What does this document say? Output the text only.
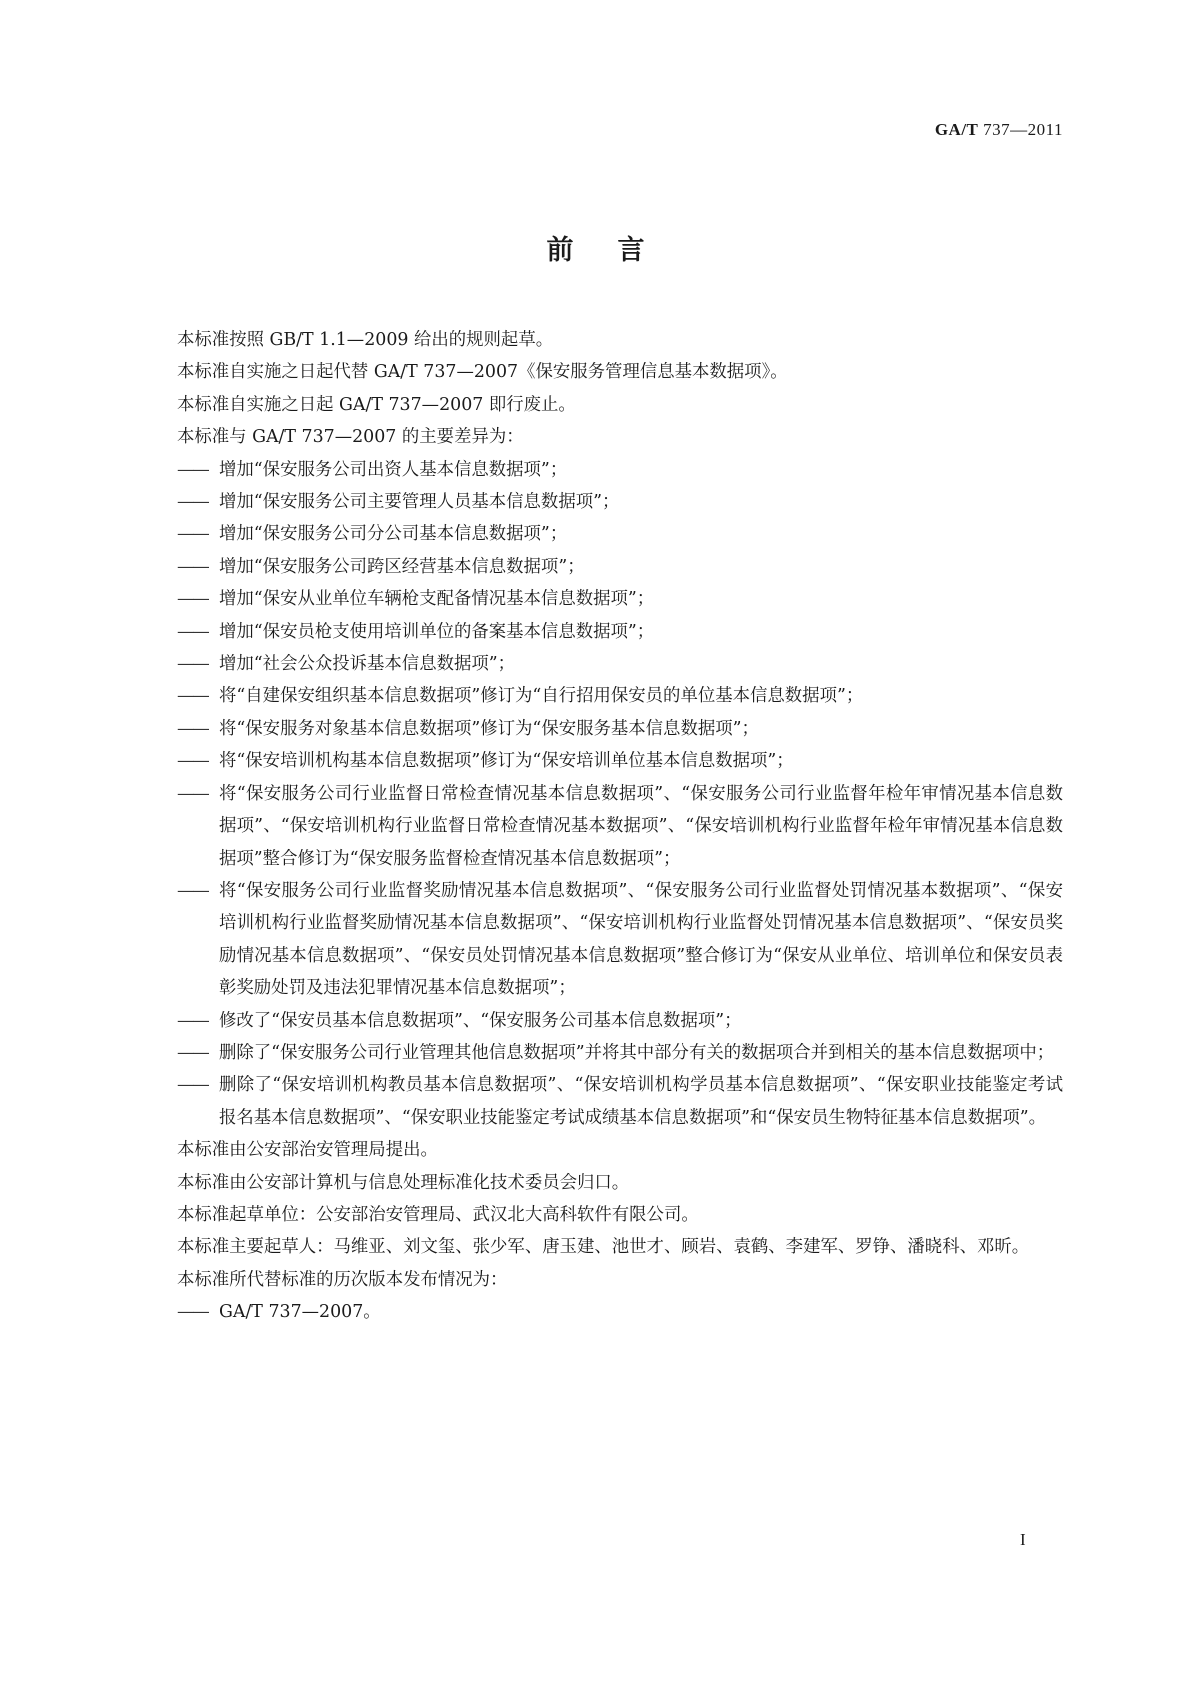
GA/T 737—2011
前言
本标准按照 GB/T 1.1—2009 给出的规则起草。
本标准自实施之日起代替 GA/T 737—2007《保安服务管理信息基本数据项》。
本标准自实施之日起 GA/T 737—2007 即行废止。
本标准与 GA/T 737—2007 的主要差异为：
—— 增加“保安服务公司出资人基本信息数据项”；
—— 增加“保安服务公司主要管理人员基本信息数据项”；
—— 增加“保安服务公司分公司基本信息数据项”；
—— 增加“保安服务公司跨区经营基本信息数据项”；
—— 增加“保安从业单位车辆枪支配备情况基本信息数据项”；
—— 增加“保安员枪支使用培训单位的备案基本信息数据项”；
—— 增加“社会公众投诉基本信息数据项”；
—— 将“自建保安组织基本信息数据项”修订为“自行招用保安员的单位基本信息数据项”；
—— 将“保安服务对象基本信息数据项”修订为“保安服务基本信息数据项”；
—— 将“保安培训机构基本信息数据项”修订为“保安培训单位基本信息数据项”；
—— 将“保安服务公司行业监督日常检查情况基本信息数据项”、“保安服务公司行业监督年检年审情况基本信息数据项”、“保安培训机构行业监督日常检查情况基本数据项”、“保安培训机构行业监督年检年审情况基本信息数据项”整合修订为“保安服务监督检查情况基本信息数据项”；
—— 将“保安服务公司行业监督奖励情况基本信息数据项”、“保安服务公司行业监督处罚情况基本数据项”、“保安培训机构行业监督奖励情况基本信息数据项”、“保安培训机构行业监督处罚情况基本信息数据项”、“保安员奖励情况基本信息数据项”、“保安员处罚情况基本信息数据项”整合修订为“保安从业单位、培训单位和保安员表彰奖励处罚及违法犯罪情况基本信息数据项”；
—— 修改了“保安员基本信息数据项”、“保安服务公司基本信息数据项”；
—— 删除了“保安服务公司行业管理其他信息数据项”并将其中部分有关的数据项合并到相关的基本信息数据项中；
—— 删除了“保安培训机构教员基本信息数据项”、“保安培训机构学员基本信息数据项”、“保安职业技能鉴定考试报名基本信息数据项”、“保安职业技能鉴定考试成绩基本信息数据项”和“保安员生物特征基本信息数据项”。
本标准由公安部治安管理局提出。
本标准由公安部计算机与信息处理标准化技术委员会归口。
本标准起草单位：公安部治安管理局、武汉北大高科软件有限公司。
本标准主要起草人：马维亚、刘文玺、张少军、唐玉建、池世才、顾岩、袁鹤、李建军、罗铮、潘晓科、邓昕。
本标准所代替标准的历次版本发布情况为：
—— GA/T 737—2007。
I
